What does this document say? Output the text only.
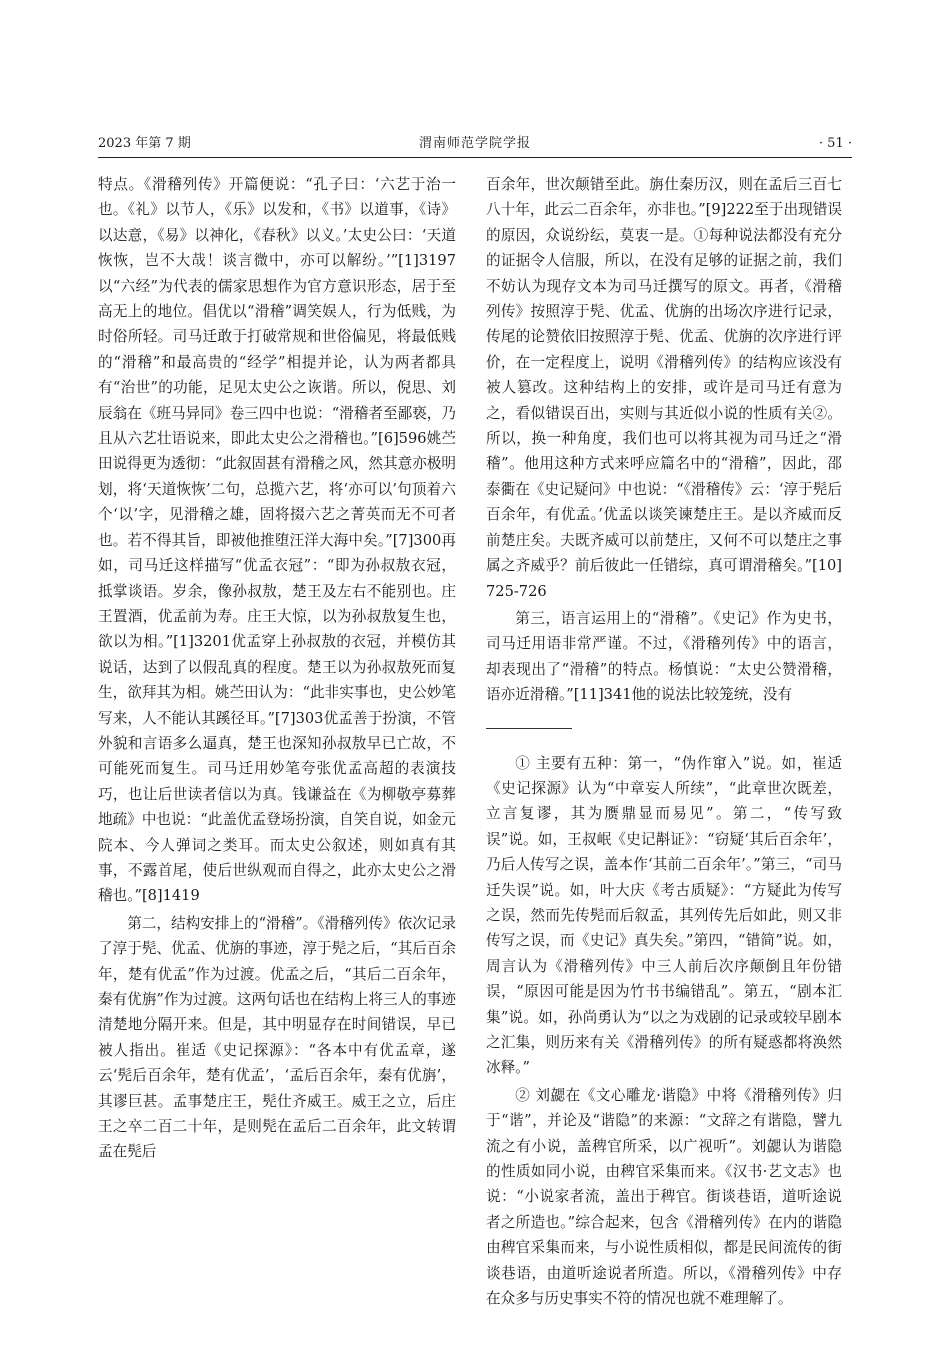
2023 年第 7 期	渭南师范学院学报	· 51 ·

特点。《滑稽列传》开篇便说：“孔子曰：‘六艺于治一也。《礼》以节人，《乐》以发和，《书》以道事，《诗》以达意，《易》以神化，《春秋》以义。’太史公曰：‘天道恢恢，岂不大哉！谈言微中，亦可以解纷。’”[1]3197以“六经”为代表的儒家思想作为官方意识形态，居于至高无上的地位。倡优以“滑稽”调笑娱人，行为低贱，为时俗所轻。司马迁敢于打破常规和世俗偏见，将最低贱的“滑稽”和最高贵的“经学”相提并论，认为两者都具有“治世”的功能，足见太史公之诙谐。所以，倪思、刘辰翁在《班马异同》卷三四中也说：“滑稽者至鄙亵，乃且从六艺壮语说来，即此太史公之滑稽也。”[6]596姚苎田说得更为透彻：“此叙固甚有滑稽之风，然其意亦极明划，将‘天道恢恢’二句，总揽六艺，将‘亦可以’句顶着六个‘以’字，见滑稽之雄，固将掇六艺之菁英而无不可者也。若不得其旨，即被他推堕汪洋大海中矣。”[7]300再如，司马迁这样描写“优孟衣冠”：“即为孙叔敖衣冠，抵掌谈语。岁余，像孙叔敖，楚王及左右不能别也。庄王置酒，优孟前为寿。庄王大惊，以为孙叔敖复生也，欲以为相。”[1]3201优孟穿上孙叔敖的衣冠，并模仿其说话，达到了以假乱真的程度。楚王以为孙叔敖死而复生，欲拜其为相。姚苎田认为：“此非实事也，史公妙笔写来，人不能认其蹊径耳。”[7]303优孟善于扮演，不管外貌和言语多么逼真，楚王也深知孙叔敖早已亡故，不可能死而复生。司马迁用妙笔夸张优孟高超的表演技巧，也让后世读者信以为真。钱谦益在《为柳敬亭募葬地疏》中也说：“此盖优孟登场扮演，自笑自说，如金元院本、今人弹词之类耳。而太史公叙述，则如真有其事，不露首尾，使后世纵观而自得之，此亦太史公之滑稽也。”[8]1419

第二，结构安排上的“滑稽”。《滑稽列传》依次记录了淳于髡、优孟、优旃的事迹，淳于髡之后，“其后百余年，楚有优孟”作为过渡。优孟之后，“其后二百余年，秦有优旃”作为过渡。这两句话也在结构上将三人的事迹清楚地分隔开来。但是，其中明显存在时间错误，早已被人指出。崔适《史记探源》：“各本中有优孟章，遂云‘髡后百余年，楚有优孟’，‘孟后百余年，秦有优旃’，其谬巨甚。孟事楚庄王，髡仕齐威王。威王之立，后庄王之卒二百二十年，是则髡在孟后二百余年，此文转谓孟在髡后

百余年，世次颠错至此。旃仕秦历汉，则在孟后三百七八十年，此云二百余年，亦非也。”[9]222至于出现错误的原因，众说纷纭，莫衷一是。①每种说法都没有充分的证据令人信服，所以，在没有足够的证据之前，我们不妨认为现存文本为司马迁撰写的原文。再者，《滑稽列传》按照淳于髡、优孟、优旃的出场次序进行记录，传尾的论赞依旧按照淳于髡、优孟、优旃的次序进行评价，在一定程度上，说明《滑稽列传》的结构应该没有被人篡改。这种结构上的安排，或许是司马迁有意为之，看似错误百出，实则与其近似小说的性质有关②。所以，换一种角度，我们也可以将其视为司马迁之“滑稽”。他用这种方式来呼应篇名中的“滑稽”，因此，邵泰衢在《史记疑问》中也说：“《滑稽传》云：‘淳于髡后百余年，有优孟。’优孟以谈笑谏楚庄王。是以齐威而反前楚庄矣。夫既齐威可以前楚庄，又何不可以楚庄之事属之齐威乎？前后彼此一任错综，真可谓滑稽矣。”[10]725-726

第三，语言运用上的“滑稽”。《史记》作为史书，司马迁用语非常严谨。不过，《滑稽列传》中的语言，却表现出了“滑稽”的特点。杨慎说：“太史公赞滑稽，语亦近滑稽。”[11]341他的说法比较笼统，没有

① 主要有五种：第一，“伪作窜入”说。如，崔适《史记探源》认为“中章妄人所续”，“此章世次既差，立言复谬，其为赝鼎显而易见”。第二，“传写致误”说。如，王叔岷《史记斠证》：“窃疑‘其后百余年’，乃后人传写之误，盖本作‘其前二百余年’。”第三，“司马迁失误”说。如，叶大庆《考古质疑》：“方疑此为传写之误，然而先传髡而后叙孟，其列传先后如此，则又非传写之误，而《史记》真失矣。”第四，“错简”说。如，周言认为《滑稽列传》中三人前后次序颠倒且年份错误，“原因可能是因为竹书书编错乱”。第五，“剧本汇集”说。如，孙尚勇认为“以之为戏剧的记录或较早剧本之汇集，则历来有关《滑稽列传》的所有疑惑都将涣然冰释。”

② 刘勰在《文心雕龙·谐隐》中将《滑稽列传》归于“谐”，并论及“谐隐”的来源：“文辞之有谐隐，譬九流之有小说，盖稗官所采，以广视听”。刘勰认为谐隐的性质如同小说，由稗官采集而来。《汉书·艺文志》也说：“小说家者流，盖出于稗官。街谈巷语，道听途说者之所造也。”综合起来，包含《滑稽列传》在内的谐隐由稗官采集而来，与小说性质相似，都是民间流传的街谈巷语，由道听途说者所造。所以，《滑稽列传》中存在众多与历史事实不符的情况也就不难理解了。
